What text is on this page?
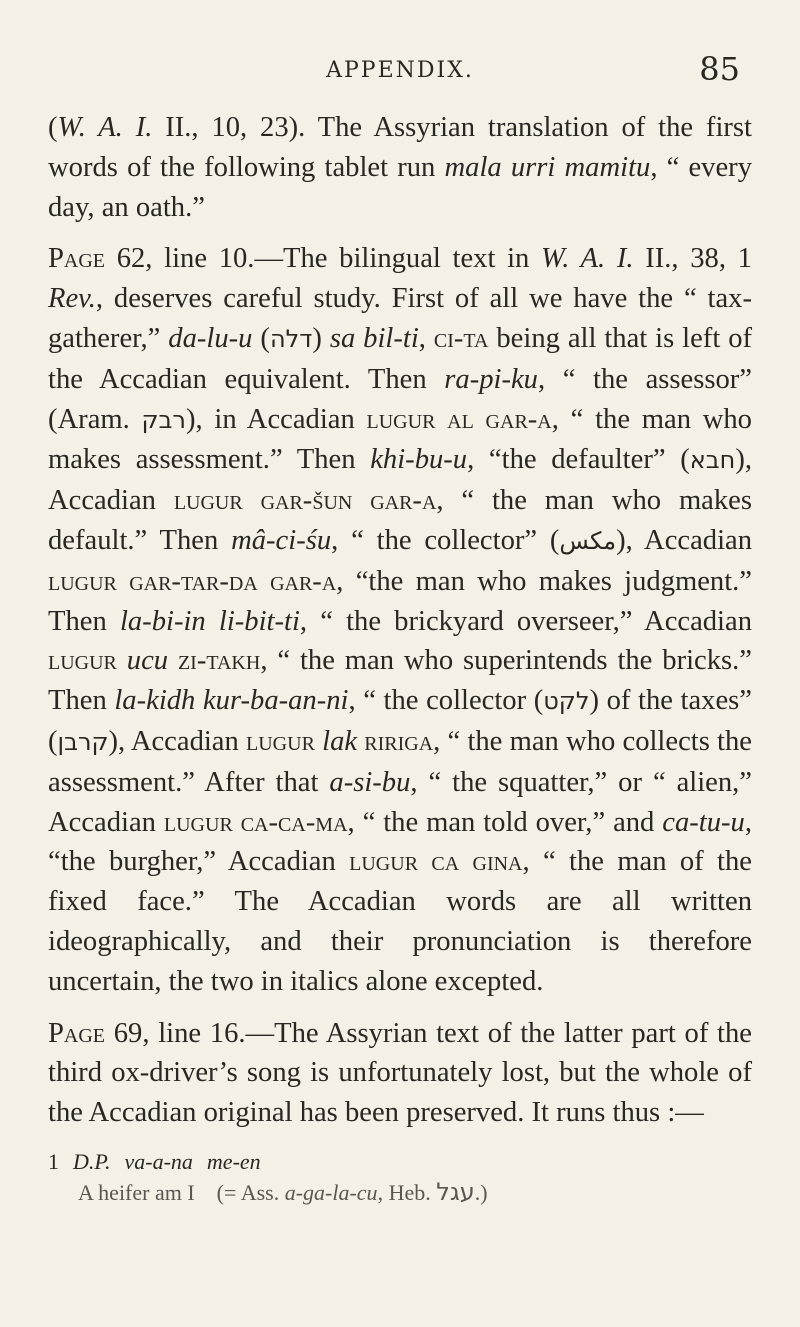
APPENDIX.	85

(W. A. I. II., 10, 23). The Assyrian translation of the first words of the following tablet run mala urri mamitu, “ every day, an oath.”

Page 62, line 10.—The bilingual text in W. A. I. II., 38, 1 Rev., deserves careful study. First of all we have the “ tax-gatherer,” da-lu-u (דלה) sa bil-ti, ci-ta being all that is left of the Accadian equivalent. Then ra-pi-ku, “ the assessor” (Aram. רבק), in Accadian lugur al gar-a, “ the man who makes assessment.” Then khi-bu-u, “the defaulter” (חבא), Accadian lugur gar-šun gar-a, “ the man who makes default.” Then mâ-ci-śu, “ the collector” (مكس), Accadian lugur gar-tar-da gar-a, “the man who makes judgment.” Then la-bi-in li-bit-ti, “ the brickyard overseer,” Accadian lugur ucu zi-takh, “ the man who superintends the bricks.” Then la-kidh kur-ba-an-ni, “ the collector (לקט) of the taxes” (קרבן), Accadian lugur lak ririga, “ the man who collects the assessment.” After that a-si-bu, “ the squatter,” or “ alien,” Accadian lugur ca-ca-ma, “ the man told over,” and ca-tu-u, “the burgher,” Accadian lugur ca gina, “ the man of the fixed face.” The Accadian words are all written ideographically, and their pronunciation is therefore uncertain, the two in italics alone excepted.

Page 69, line 16.—The Assyrian text of the latter part of the third ox-driver’s song is unfortunately lost, but the whole of the Accadian original has been preserved. It runs thus :—

1 D.P. va-a-na me-en
A heifer am I (= Ass. a-ga-la-cu, Heb. עגל.)
